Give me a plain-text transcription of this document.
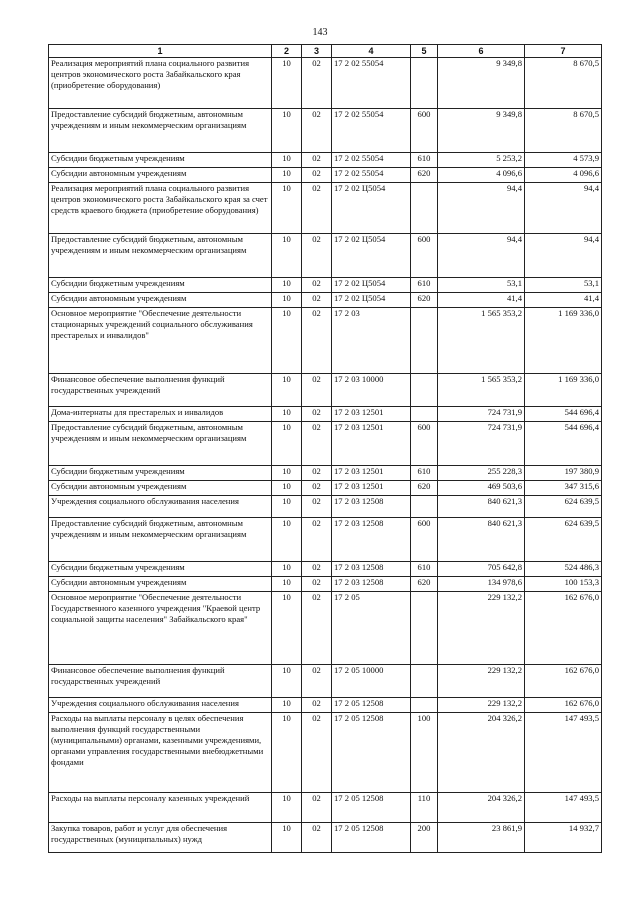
143
1	2	3	4	5	6	7
Реализация мероприятий плана социального развития центров экономического роста Забайкальского края (приобретение оборудования)	10	02	17 2 02 55054		9 349,8	8 670,5
Предоставление субсидий бюджетным, автономным учреждениям и иным некоммерческим организациям	10	02	17 2 02 55054	600	9 349,8	8 670,5
Субсидии бюджетным учреждениям	10	02	17 2 02 55054	610	5 253,2	4 573,9
Субсидии автономным учреждениям	10	02	17 2 02 55054	620	4 096,6	4 096,6
Реализация мероприятий плана социального развития центров экономического роста Забайкальского края за счет средств краевого бюджета (приобретение оборудования)	10	02	17 2 02 Ц5054		94,4	94,4
Предоставление субсидий бюджетным, автономным учреждениям и иным некоммерческим организациям	10	02	17 2 02 Ц5054	600	94,4	94,4
Субсидии бюджетным учреждениям	10	02	17 2 02 Ц5054	610	53,1	53,1
Субсидии автономным учреждениям	10	02	17 2 02 Ц5054	620	41,4	41,4
Основное мероприятие "Обеспечение деятельности стационарных учреждений социального обслуживания престарелых и инвалидов"	10	02	17 2 03		1 565 353,2	1 169 336,0
Финансовое обеспечение выполнения функций государственных учреждений	10	02	17 2 03 10000		1 565 353,2	1 169 336,0
Дома-интернаты для престарелых и инвалидов	10	02	17 2 03 12501		724 731,9	544 696,4
Предоставление субсидий бюджетным, автономным учреждениям и иным некоммерческим организациям	10	02	17 2 03 12501	600	724 731,9	544 696,4
Субсидии бюджетным учреждениям	10	02	17 2 03 12501	610	255 228,3	197 380,9
Субсидии автономным учреждениям	10	02	17 2 03 12501	620	469 503,6	347 315,6
Учреждения социального обслуживания населения	10	02	17 2 03 12508		840 621,3	624 639,5
Предоставление субсидий бюджетным, автономным учреждениям и иным некоммерческим организациям	10	02	17 2 03 12508	600	840 621,3	624 639,5
Субсидии бюджетным учреждениям	10	02	17 2 03 12508	610	705 642,8	524 486,3
Субсидии автономным учреждениям	10	02	17 2 03 12508	620	134 978,6	100 153,3
Основное мероприятие "Обеспечение деятельности Государственного казенного учреждения "Краевой центр социальной защиты населения" Забайкальского края"	10	02	17 2 05		229 132,2	162 676,0
Финансовое обеспечение выполнения функций государственных учреждений	10	02	17 2 05 10000		229 132,2	162 676,0
Учреждения социального обслуживания населения	10	02	17 2 05 12508		229 132,2	162 676,0
Расходы на выплаты персоналу в целях обеспечения выполнения функций государственными (муниципальными) органами, казенными учреждениями, органами управления государственными внебюджетными фондами	10	02	17 2 05 12508	100	204 326,2	147 493,5
Расходы на выплаты персоналу казенных учреждений	10	02	17 2 05 12508	110	204 326,2	147 493,5
Закупка товаров, работ и услуг для обеспечения государственных (муниципальных) нужд	10	02	17 2 05 12508	200	23 861,9	14 932,7
